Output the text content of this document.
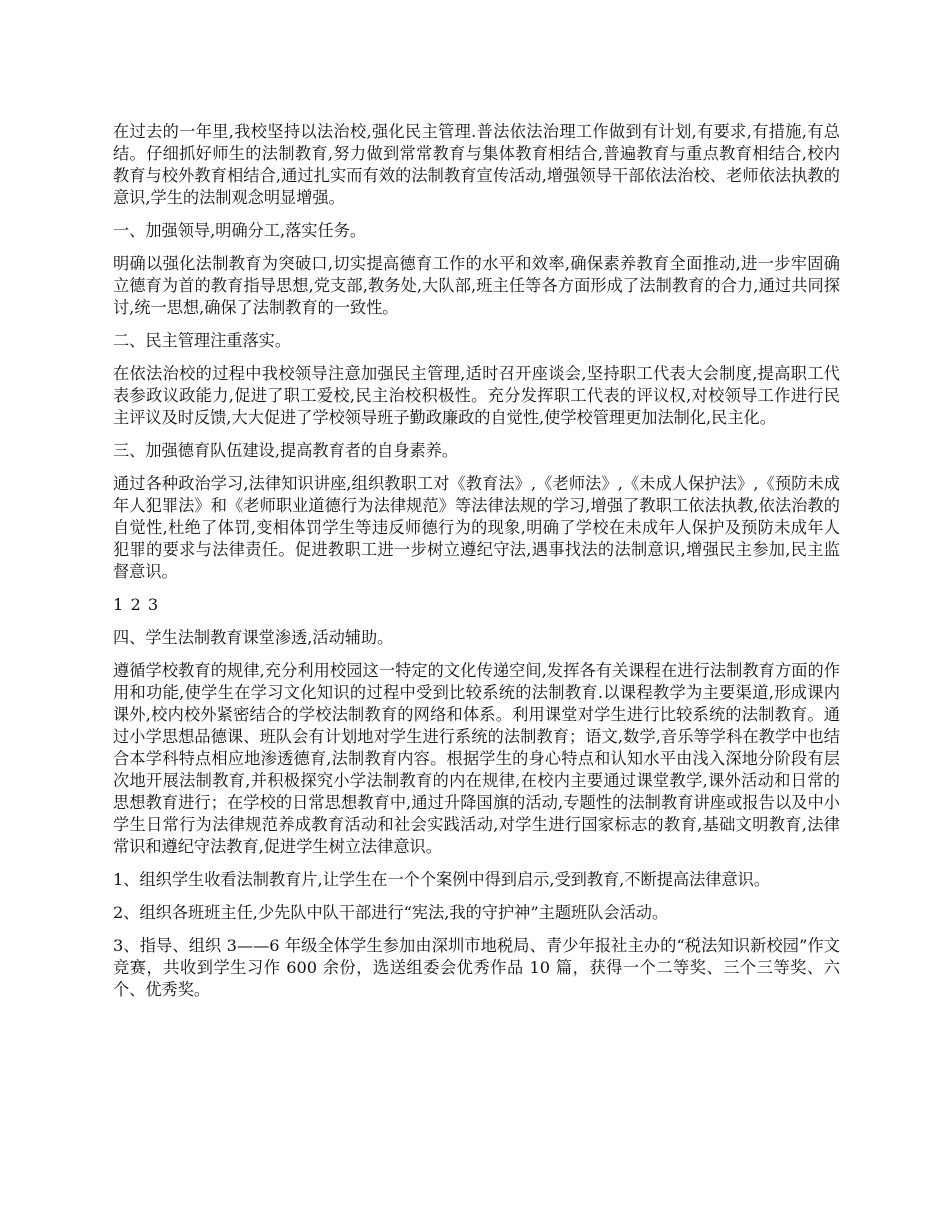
在过去的一年里,我校坚持以法治校,强化民主管理.普法依法治理工作做到有计划,有要求,有措施,有总结。仔细抓好师生的法制教育,努力做到常常教育与集体教育相结合,普遍教育与重点教育相结合,校内教育与校外教育相结合,通过扎实而有效的法制教育宣传活动,增强领导干部依法治校、老师依法执教的意识,学生的法制观念明显增强。

一、加强领导,明确分工,落实任务。

明确以强化法制教育为突破口,切实提高德育工作的水平和效率,确保素养教育全面推动,进一步牢固确立德育为首的教育指导思想,党支部,教务处,大队部,班主任等各方面形成了法制教育的合力,通过共同探讨,统一思想,确保了法制教育的一致性。

二、民主管理注重落实。

在依法治校的过程中我校领导注意加强民主管理,适时召开座谈会,坚持职工代表大会制度,提高职工代表参政议政能力,促进了职工爱校,民主治校积极性。充分发挥职工代表的评议权,对校领导工作进行民主评议及时反馈,大大促进了学校领导班子勤政廉政的自觉性,使学校管理更加法制化,民主化。

三、加强德育队伍建设,提高教育者的自身素养。

通过各种政治学习,法律知识讲座,组织教职工对《教育法》,《老师法》,《未成人保护法》,《预防未成年人犯罪法》和《老师职业道德行为法律规范》等法律法规的学习,增强了教职工依法执教,依法治教的自觉性,杜绝了体罚,变相体罚学生等违反师德行为的现象,明确了学校在未成年人保护及预防未成年人犯罪的要求与法律责任。促进教职工进一步树立遵纪守法,遇事找法的法制意识,增强民主参加,民主监督意识。

1 2 3

四、学生法制教育课堂渗透,活动辅助。

遵循学校教育的规律,充分利用校园这一特定的文化传递空间,发挥各有关课程在进行法制教育方面的作用和功能,使学生在学习文化知识的过程中受到比较系统的法制教育.以课程教学为主要渠道,形成课内课外,校内校外紧密结合的学校法制教育的网络和体系。利用课堂对学生进行比较系统的法制教育。通过小学思想品德课、班队会有计划地对学生进行系统的法制教育；语文,数学,音乐等学科在教学中也结合本学科特点相应地渗透德育,法制教育内容。根据学生的身心特点和认知水平由浅入深地分阶段有层次地开展法制教育,并积极探究小学法制教育的内在规律,在校内主要通过课堂教学,课外活动和日常的思想教育进行；在学校的日常思想教育中,通过升降国旗的活动,专题性的法制教育讲座或报告以及中小学生日常行为法律规范养成教育活动和社会实践活动,对学生进行国家标志的教育,基础文明教育,法律常识和遵纪守法教育,促进学生树立法律意识。

1、组织学生收看法制教育片,让学生在一个个案例中得到启示,受到教育,不断提高法律意识。

2、组织各班班主任,少先队中队干部进行“宪法,我的守护神”主题班队会活动。

3、指导、组织 3——6 年级全体学生参加由深圳市地税局、青少年报社主办的“税法知识新校园”作文竞赛，共收到学生习作 600 余份，选送组委会优秀作品 10 篇，获得一个二等奖、三个三等奖、六个、优秀奖。
